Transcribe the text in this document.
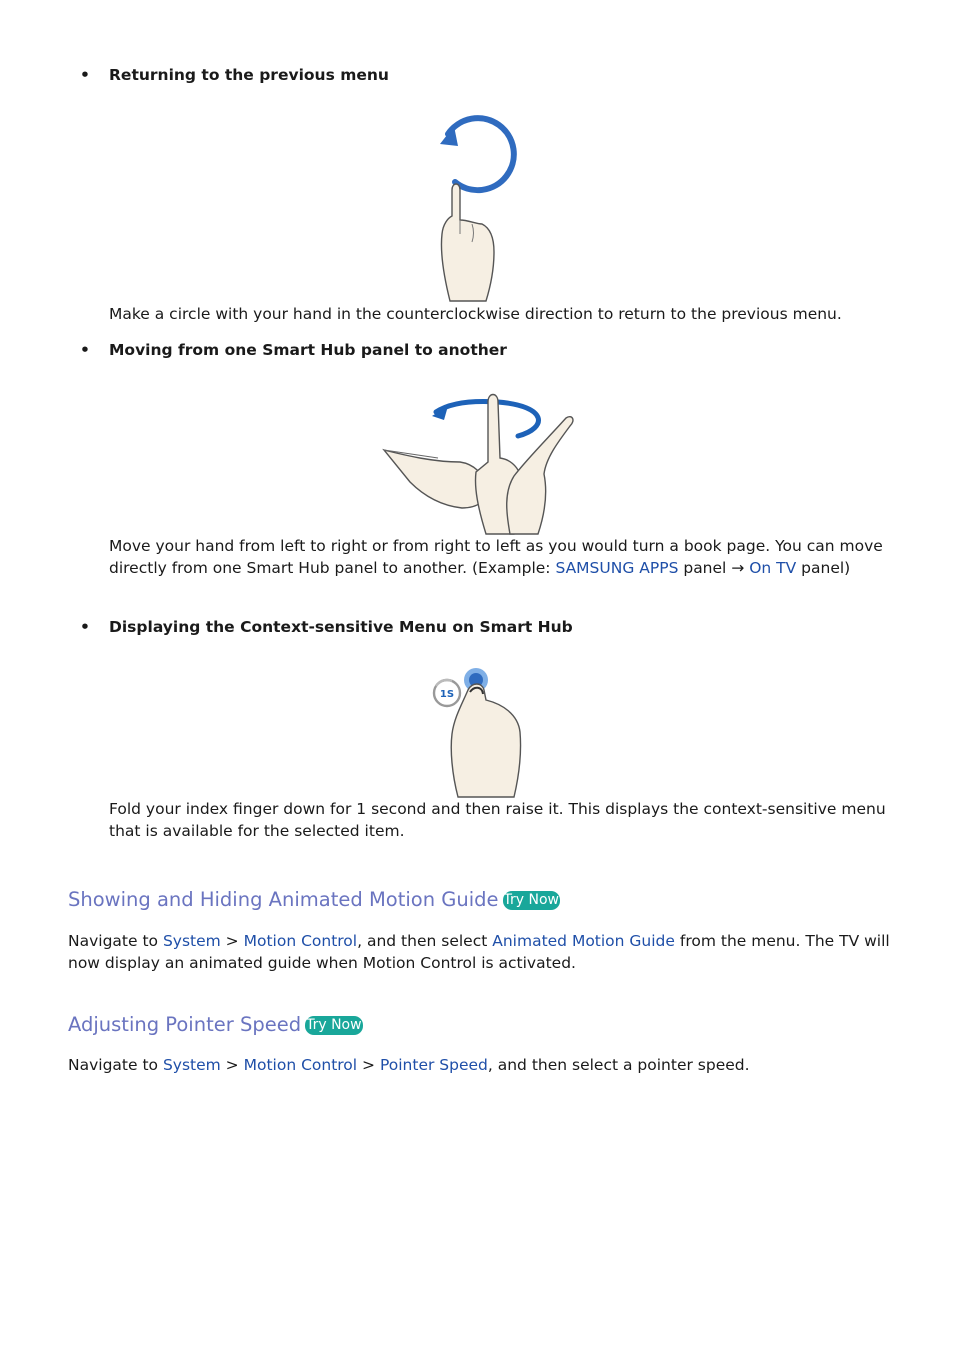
• Returning to the previous menu
Make a circle with your hand in the counterclockwise direction to return to the previous menu.
• Moving from one Smart Hub panel to another
Move your hand from left to right or from right to left as you would turn a book page. You can move directly from one Smart Hub panel to another. (Example: SAMSUNG APPS panel → On TV panel)
• Displaying the Context-sensitive Menu on Smart Hub
1S
Fold your index finger down for 1 second and then raise it. This displays the context-sensitive menu that is available for the selected item.
Showing and Hiding Animated Motion Guide Try Now
Navigate to System > Motion Control, and then select Animated Motion Guide from the menu. The TV will now display an animated guide when Motion Control is activated.
Adjusting Pointer Speed Try Now
Navigate to System > Motion Control > Pointer Speed, and then select a pointer speed.
